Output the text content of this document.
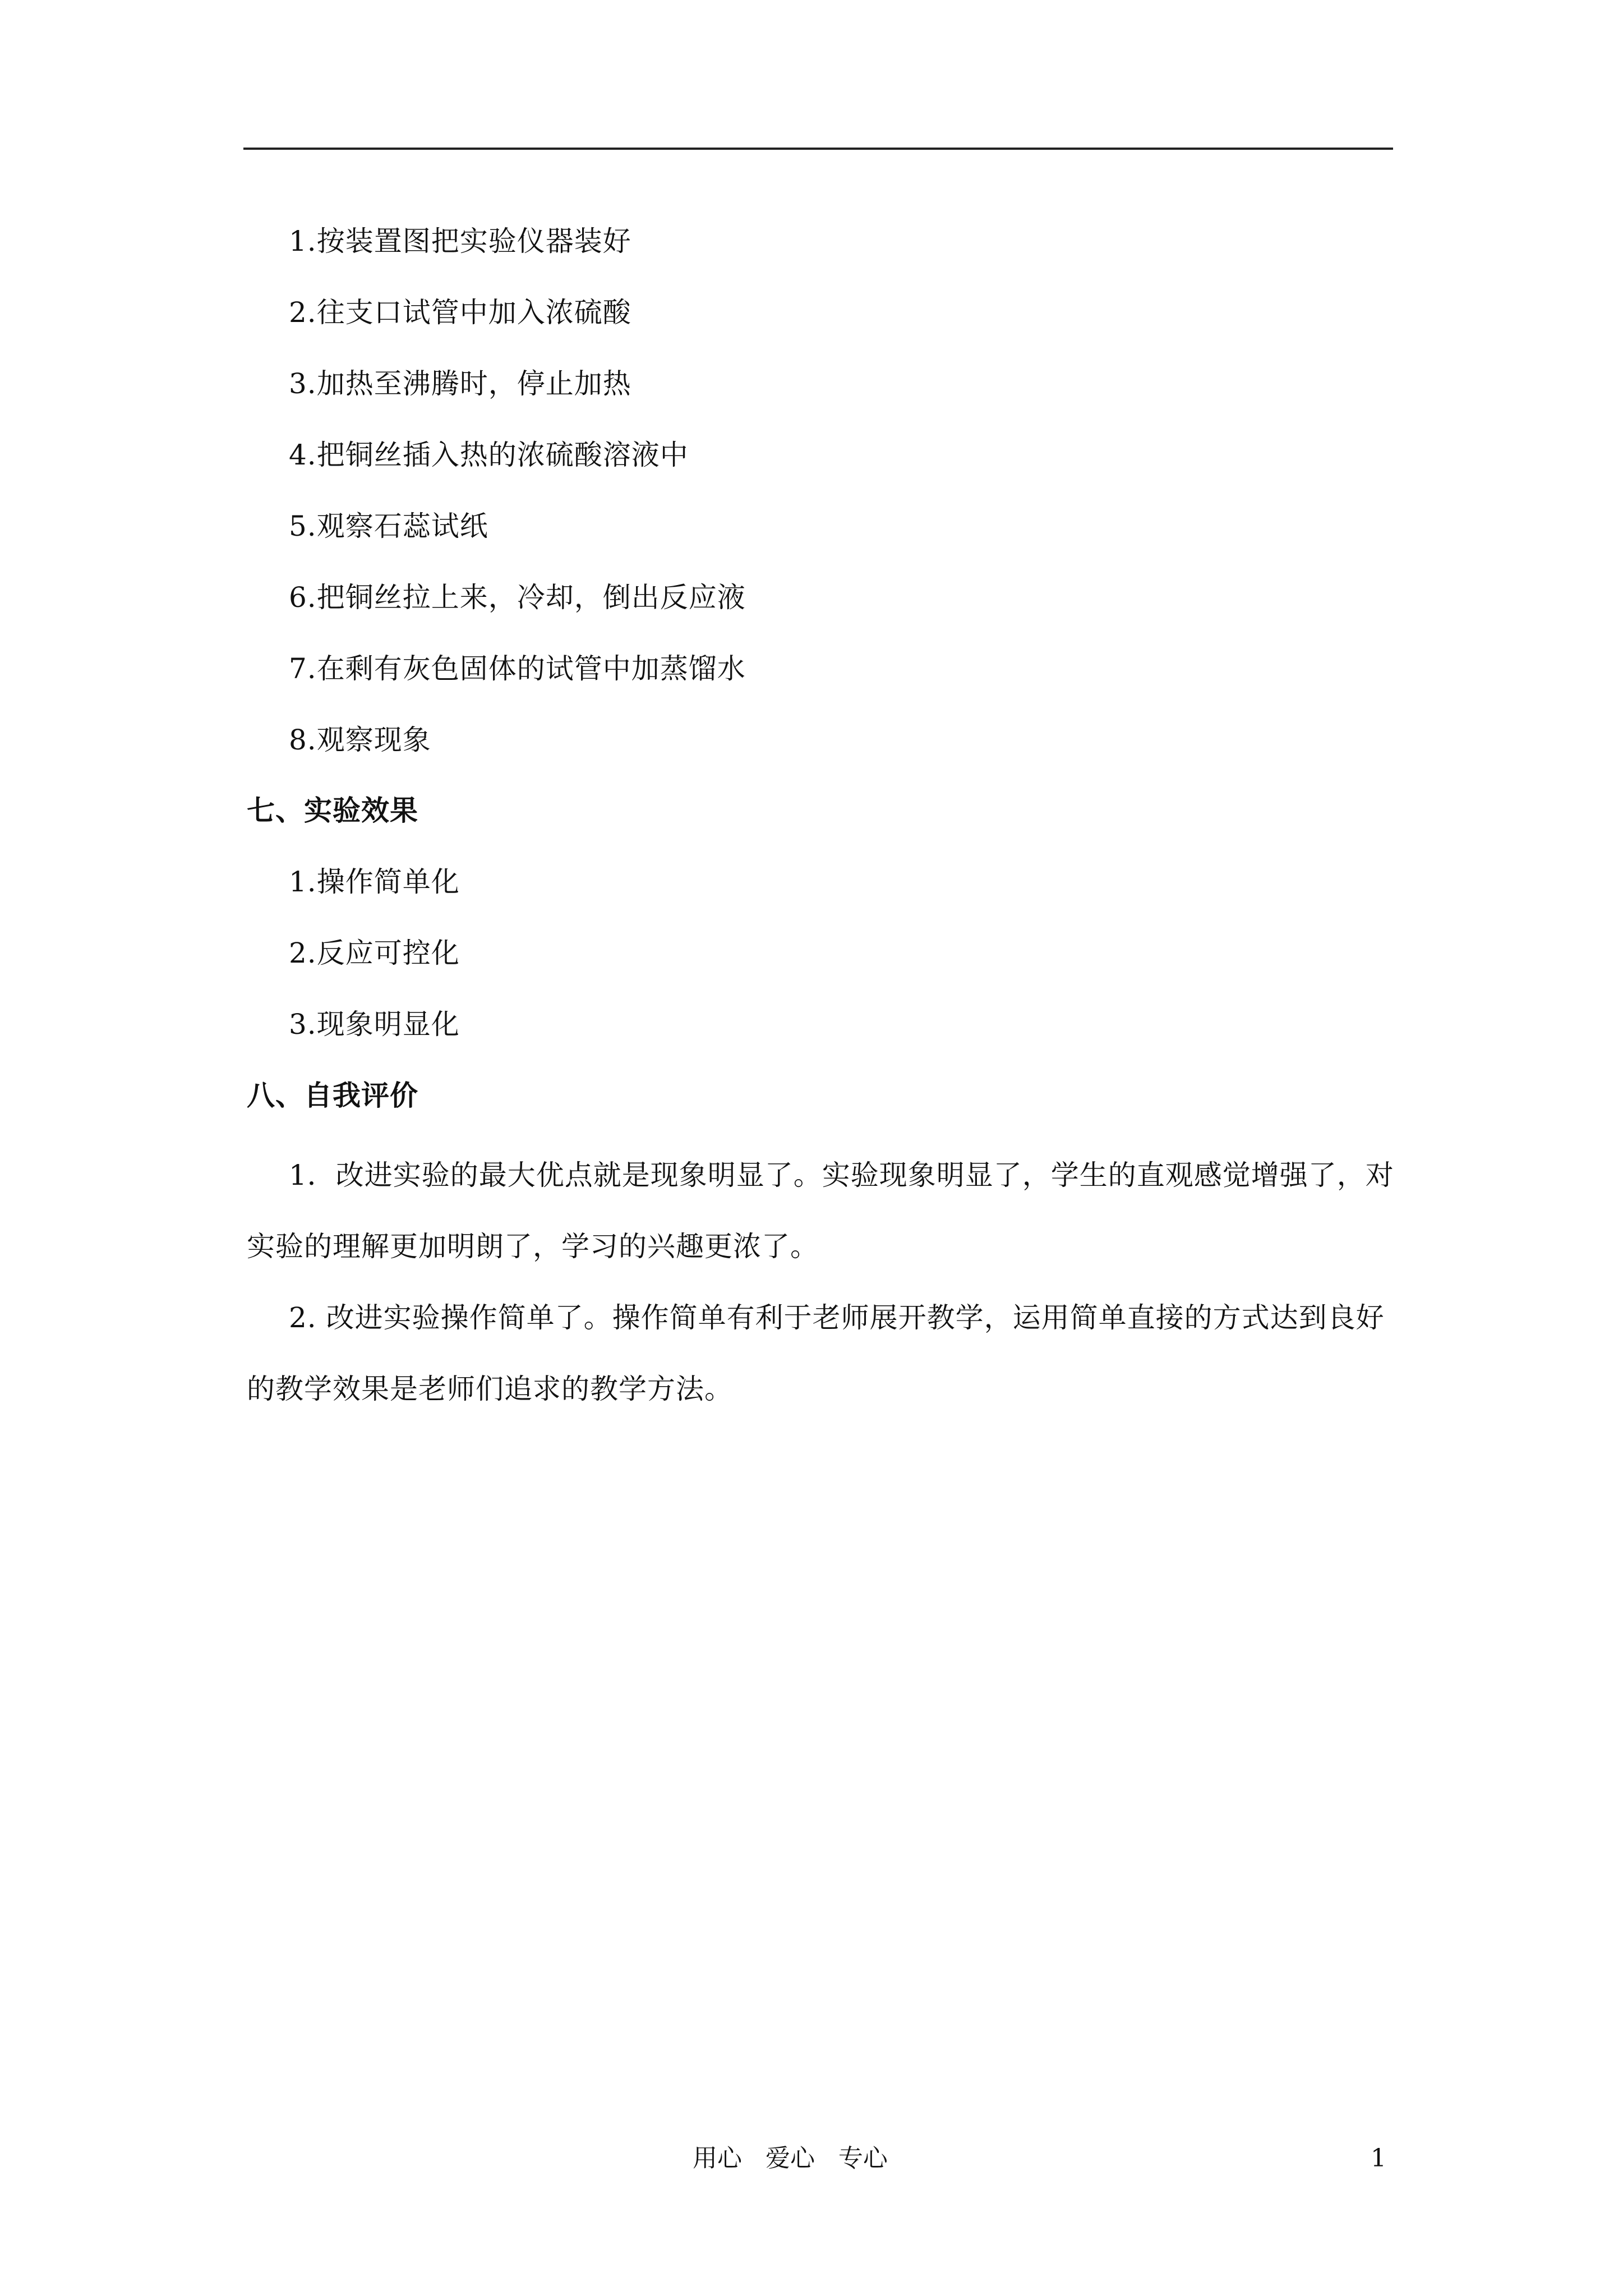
1.按装置图把实验仪器装好
2.往支口试管中加入浓硫酸
3.加热至沸腾时，停止加热
4.把铜丝插入热的浓硫酸溶液中
5.观察石蕊试纸
6.把铜丝拉上来，冷却，倒出反应液
7.在剩有灰色固体的试管中加蒸馏水
8.观察现象
七、实验效果
1.操作简单化
2.反应可控化
3.现象明显化
八、自我评价
1．改进实验的最大优点就是现象明显了。实验现象明显了，学生的直观感觉增强了，对
实验的理解更加明朗了，学习的兴趣更浓了。
2. 改进实验操作简单了。操作简单有利于老师展开教学，运用简单直接的方式达到良好
的教学效果是老师们追求的教学方法。
用心   爱心   专心	1
